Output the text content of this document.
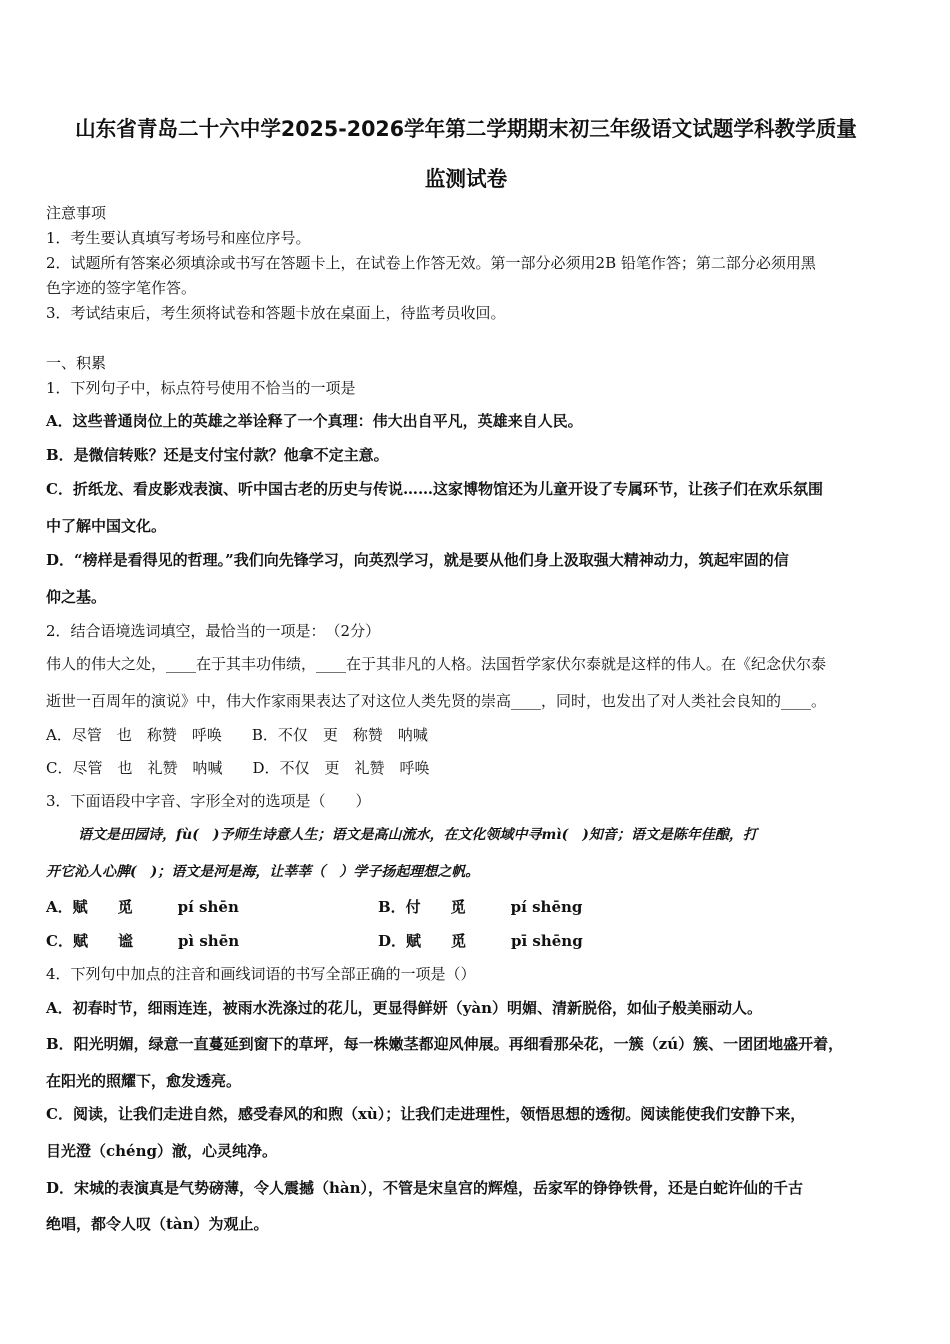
山东省青岛二十六中学2025-2026学年第二学期期末初三年级语文试题学科教学质量
监测试卷
注意事项
1．考生要认真填写考场号和座位序号。
2．试题所有答案必须填涂或书写在答题卡上，在试卷上作答无效。第一部分必须用2B 铅笔作答；第二部分必须用黑
色字迹的签字笔作答。
3．考试结束后，考生须将试卷和答题卡放在桌面上，待监考员收回。
一、积累
1．下列句子中，标点符号使用不恰当的一项是
A．这些普通岗位上的英雄之举诠释了一个真理：伟大出自平凡，英雄来自人民。
B．是微信转账？还是支付宝付款？他拿不定主意。
C．折纸龙、看皮影戏表演、听中国古老的历史与传说……这家博物馆还为儿童开设了专属环节，让孩子们在欢乐氛围
中了解中国文化。
D．“榜样是看得见的哲理。”我们向先锋学习，向英烈学习，就是要从他们身上汲取强大精神动力，筑起牢固的信
仰之基。
2．结合语境选词填空，最恰当的一项是：　（2分）
伟人的伟大之处，____在于其丰功伟绩，____在于其非凡的人格。法国哲学家伏尔泰就是这样的伟人。在《纪念伏尔泰
逝世一百周年的演说》中，伟大作家雨果表达了对这位人类先贤的崇高____，同时，也发出了对人类社会良知的____。
A．尽管　也　称赞　呼唤　　B．不仅　更　称赞　呐喊
C．尽管　也　礼赞　呐喊　　D．不仅　更　礼赞　呼唤
3．下面语段中字音、字形全对的选项是（　　）
语文是田园诗，fù(　)予师生诗意人生；语文是高山流水，在文化领域中寻mì(　)知音；语文是陈年佳酿，打
开它沁人心脾(　)；语文是河是海，让莘莘（　）学子扬起理想之帆。
A．赋　　觅　　　pí shēn	B．付　　觅　　　pí shēng
C．赋　　谧　　　pì shēn	D．赋　　觅　　　pī shēng
4．下列句中加点的注音和画线词语的书写全部正确的一项是（）
A．初春时节，细雨连连，被雨水洗涤过的花儿，更显得鲜妍（yàn）明媚、清新脱俗，如仙子般美丽动人。
B．阳光明媚，绿意一直蔓延到窗下的草坪，每一株嫩茎都迎风伸展。再细看那朵花，一簇（zú）簇、一团团地盛开着，
在阳光的照耀下，愈发透亮。
C．阅读，让我们走进自然，感受春风的和煦（xù）；让我们走进理性，领悟思想的透彻。阅读能使我们安静下来，
目光澄（chéng）澈，心灵纯净。
D．宋城的表演真是气势磅薄，令人震撼（hàn），不管是宋皇宫的辉煌，岳家军的铮铮铁骨，还是白蛇许仙的千古
绝唱，都令人叹（tàn）为观止。
